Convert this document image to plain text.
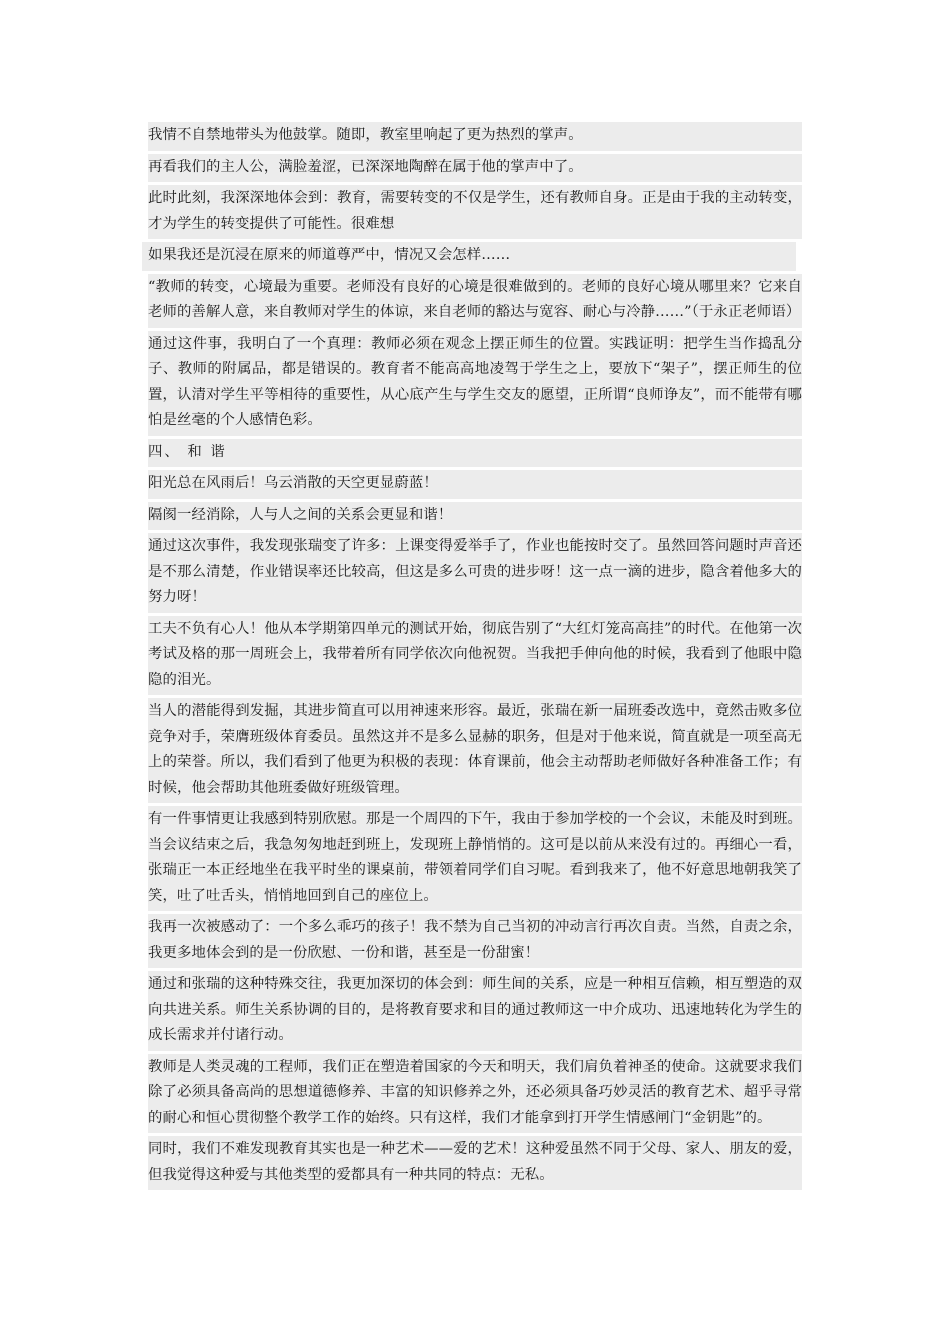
我情不自禁地带头为他鼓掌。随即，教室里响起了更为热烈的掌声。

再看我们的主人公，满脸羞涩，已深深地陶醉在属于他的掌声中了。

此时此刻，我深深地体会到：教育，需要转变的不仅是学生，还有教师自身。正是由于我的主动转变，才为学生的转变提供了可能性。很难想

如果我还是沉浸在原来的师道尊严中，情况又会怎样……

“教师的转变，心境最为重要。老师没有良好的心境是很难做到的。老师的良好心境从哪里来？它来自老师的善解人意，来自教师对学生的体谅，来自老师的豁达与宽容、耐心与冷静……”（于永正老师语）

通过这件事，我明白了一个真理：教师必须在观念上摆正师生的位置。实践证明：把学生当作捣乱分子、教师的附属品，都是错误的。教育者不能高高地凌驾于学生之上，要放下“架子”，摆正师生的位置，认清对学生平等相待的重要性，从心底产生与学生交友的愿望，正所谓“良师诤友”，而不能带有哪怕是丝毫的个人感情色彩。

四、 和 谐

阳光总在风雨后！乌云消散的天空更显蔚蓝！

隔阂一经消除，人与人之间的关系会更显和谐！

通过这次事件，我发现张瑞变了许多：上课变得爱举手了，作业也能按时交了。虽然回答问题时声音还是不那么清楚，作业错误率还比较高，但这是多么可贵的进步呀！这一点一滴的进步，隐含着他多大的努力呀！

工夫不负有心人！他从本学期第四单元的测试开始，彻底告别了“大红灯笼高高挂”的时代。在他第一次考试及格的那一周班会上，我带着所有同学依次向他祝贺。当我把手伸向他的时候，我看到了他眼中隐隐的泪光。

当人的潜能得到发掘，其进步简直可以用神速来形容。最近，张瑞在新一届班委改选中，竟然击败多位竞争对手，荣膺班级体育委员。虽然这并不是多么显赫的职务，但是对于他来说，简直就是一项至高无上的荣誉。所以，我们看到了他更为积极的表现：体育课前，他会主动帮助老师做好各种准备工作；有时候，他会帮助其他班委做好班级管理。

有一件事情更让我感到特别欣慰。那是一个周四的下午，我由于参加学校的一个会议，未能及时到班。当会议结束之后，我急匆匆地赶到班上，发现班上静悄悄的。这可是以前从来没有过的。再细心一看，张瑞正一本正经地坐在我平时坐的课桌前，带领着同学们自习呢。看到我来了，他不好意思地朝我笑了笑，吐了吐舌头，悄悄地回到自己的座位上。

我再一次被感动了：一个多么乖巧的孩子！我不禁为自己当初的冲动言行再次自责。当然，自责之余，我更多地体会到的是一份欣慰、一份和谐，甚至是一份甜蜜！

通过和张瑞的这种特殊交往，我更加深切的体会到：师生间的关系，应是一种相互信赖，相互塑造的双向共进关系。师生关系协调的目的，是将教育要求和目的通过教师这一中介成功、迅速地转化为学生的成长需求并付诸行动。

教师是人类灵魂的工程师，我们正在塑造着国家的今天和明天，我们肩负着神圣的使命。这就要求我们除了必须具备高尚的思想道德修养、丰富的知识修养之外，还必须具备巧妙灵活的教育艺术、超乎寻常的耐心和恒心贯彻整个教学工作的始终。只有这样，我们才能拿到打开学生情感闸门“金钥匙”的。

同时，我们不难发现教育其实也是一种艺术——爱的艺术！这种爱虽然不同于父母、家人、朋友的爱，但我觉得这种爱与其他类型的爱都具有一种共同的特点：无私。
